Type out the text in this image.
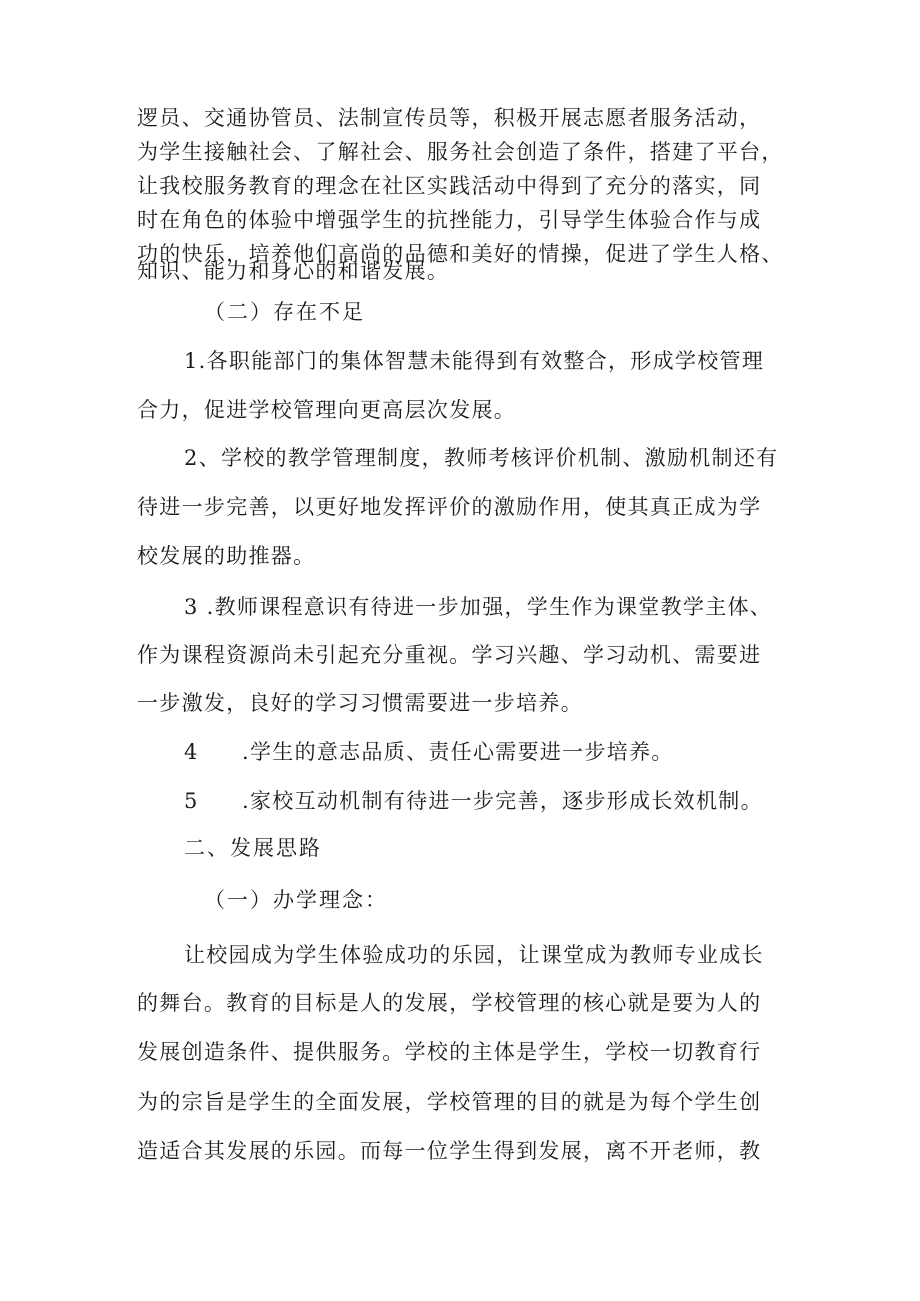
逻员、交通协管员、法制宣传员等，积极开展志愿者服务活动，
为学生接触社会、了解社会、服务社会创造了条件，搭建了平台，
让我校服务教育的理念在社区实践活动中得到了充分的落实，同
时在角色的体验中增强学生的抗挫能力，引导学生体验合作与成
功的快乐，培养他们高尚的品德和美好的情操，促进了学生人格、
知识、能力和身心的和谐发展。
（二）存在不足
1.各职能部门的集体智慧未能得到有效整合，形成学校管理
合力，促进学校管理向更高层次发展。
2、学校的教学管理制度，教师考核评价机制、激励机制还有
待进一步完善，以更好地发挥评价的激励作用，使其真正成为学
校发展的助推器。
3 .教师课程意识有待进一步加强，学生作为课堂教学主体、
作为课程资源尚未引起充分重视。学习兴趣、学习动机、需要进
一步激发，良好的学习习惯需要进一步培养。
4 .学生的意志品质、责任心需要进一步培养。
5 .家校互动机制有待进一步完善，逐步形成长效机制。
二、发展思路
（一）办学理念：
让校园成为学生体验成功的乐园，让课堂成为教师专业成长
的舞台。教育的目标是人的发展，学校管理的核心就是要为人的
发展创造条件、提供服务。学校的主体是学生，学校一切教育行
为的宗旨是学生的全面发展，学校管理的目的就是为每个学生创
造适合其发展的乐园。而每一位学生得到发展，离不开老师，教
